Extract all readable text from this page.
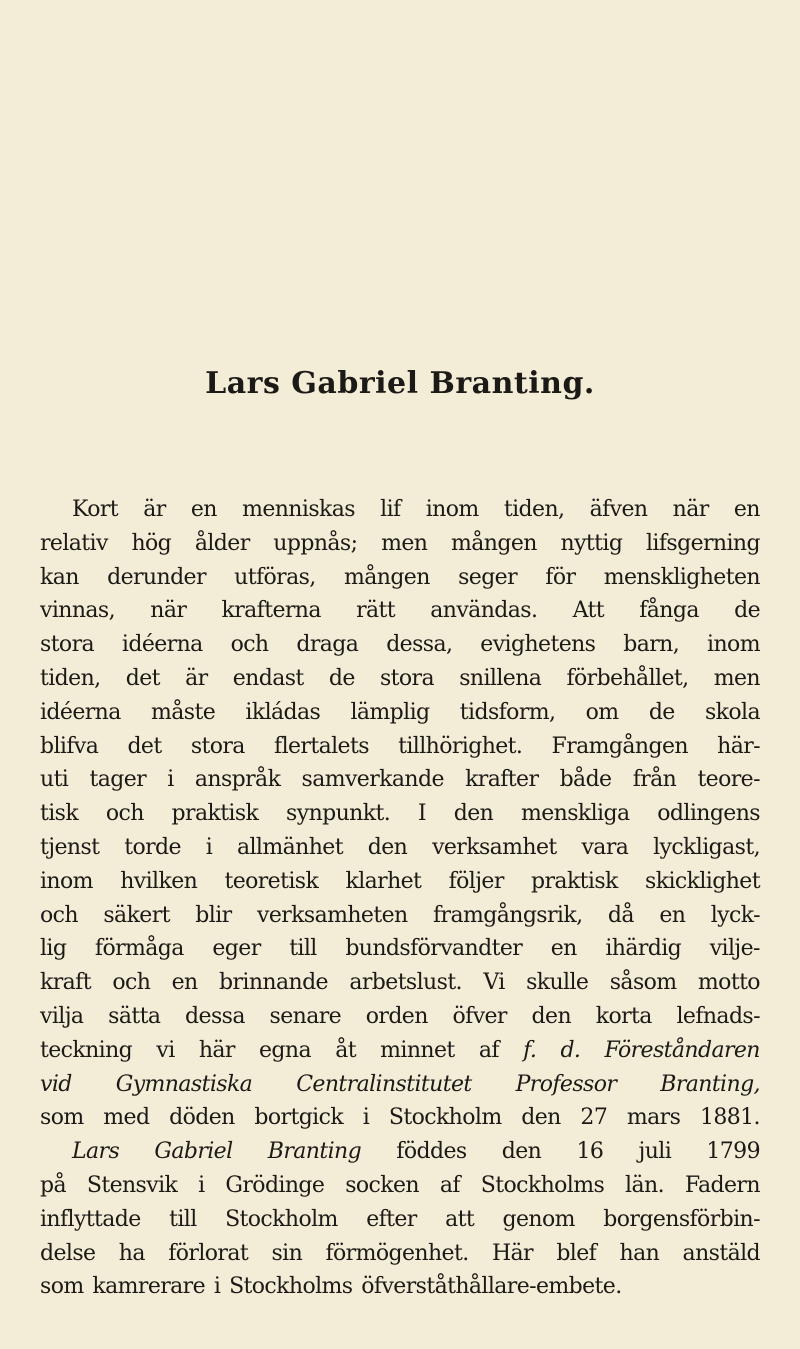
Lars Gabriel Branting.
Kort är en menniskas lif inom tiden, äfven när en
relativ hög ålder uppnås; men mången nyttig lifsgerning
kan derunder utföras, mången seger för menskligheten
vinnas, när krafterna rätt användas. Att fånga de
stora idéerna och draga dessa, evighetens barn, inom
tiden, det är endast de stora snillena förbehållet, men
idéerna måste ikládas lämplig tidsform, om de skola
blifva det stora flertalets tillhörighet. Framgången här-
uti tager i anspråk samverkande krafter både från teore-
tisk och praktisk synpunkt. I den menskliga odlingens
tjenst torde i allmänhet den verksamhet vara lyckligast,
inom hvilken teoretisk klarhet följer praktisk skicklighet
och säkert blir verksamheten framgångsrik, då en lyck-
lig förmåga eger till bundsförvandter en ihärdig vilje-
kraft och en brinnande arbetslust. Vi skulle såsom motto
vilja sätta dessa senare orden öfver den korta lefnads-
teckning vi här egna åt minnet af f. d. Föreståndaren
vid Gymnastiska Centralinstitutet Professor Branting,
som med döden bortgick i Stockholm den 27 mars 1881.
Lars Gabriel Branting föddes den 16 juli 1799
på Stensvik i Grödinge socken af Stockholms län. Fadern
inflyttade till Stockholm efter att genom borgensförbin-
delse ha förlorat sin förmögenhet. Här blef han anstäld
som kamrerare i Stockholms öfverståthållare-embete.
